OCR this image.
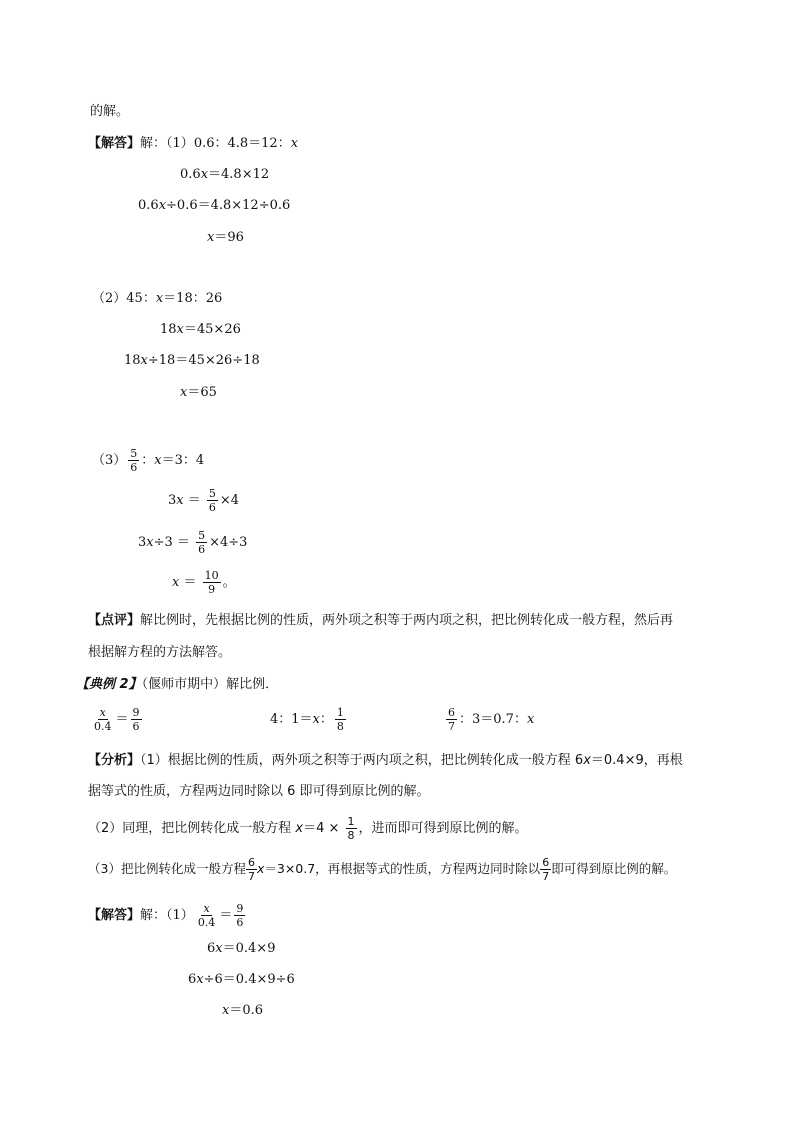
的解。
【解答】解：（1）0.6：4.8＝12：x
0.6x＝4.8×12
0.6x÷0.6＝4.8×12÷0.6
x＝96
（2）45：x＝18：26
18x＝45×26
18x÷18＝45×26÷18
x＝65
$(3) \frac{5}{6}$ ：x＝3：4
$3x = \frac{5}{6} \times 4$
$3x\div 3 = \frac{5}{6} \times 4\div 3$
$x = \frac{10}{9}$ 。
【点评】解比例时，先根据比例的性质，两外项之积等于两内项之积，把比例转化成一般方程，然后再
根据解方程的方法解答。
【典例 2】（偃师市期中）解比例．
$\frac{x}{0.4} = \frac{9}{6}$	4：1＝x： $\frac{1}{8}$	$\frac{6}{7}$ ：3＝0.7：x
【分析】（1）根据比例的性质，两外项之积等于两内项之积，把比例转化成一般方程 6x＝0.4×9，再根
据等式的性质，方程两边同时除以 6 即可得到原比例的解。
（2）同理，把比例转化成一般方程 $x=4 \times \frac{1}{8}$ ，进而即可得到原比例的解。
（3）把比例转化成一般方程 $\frac{6}{7} x=3\times 0.7$，再根据等式的性质，方程两边同时除以 $\frac{6}{7}$ 即可得到原比例的解。
【解答】解：$(1) \frac{x}{0.4} = \frac{9}{6}$
6x＝0.4×9
6x÷6＝0.4×9÷6
x＝0.6
